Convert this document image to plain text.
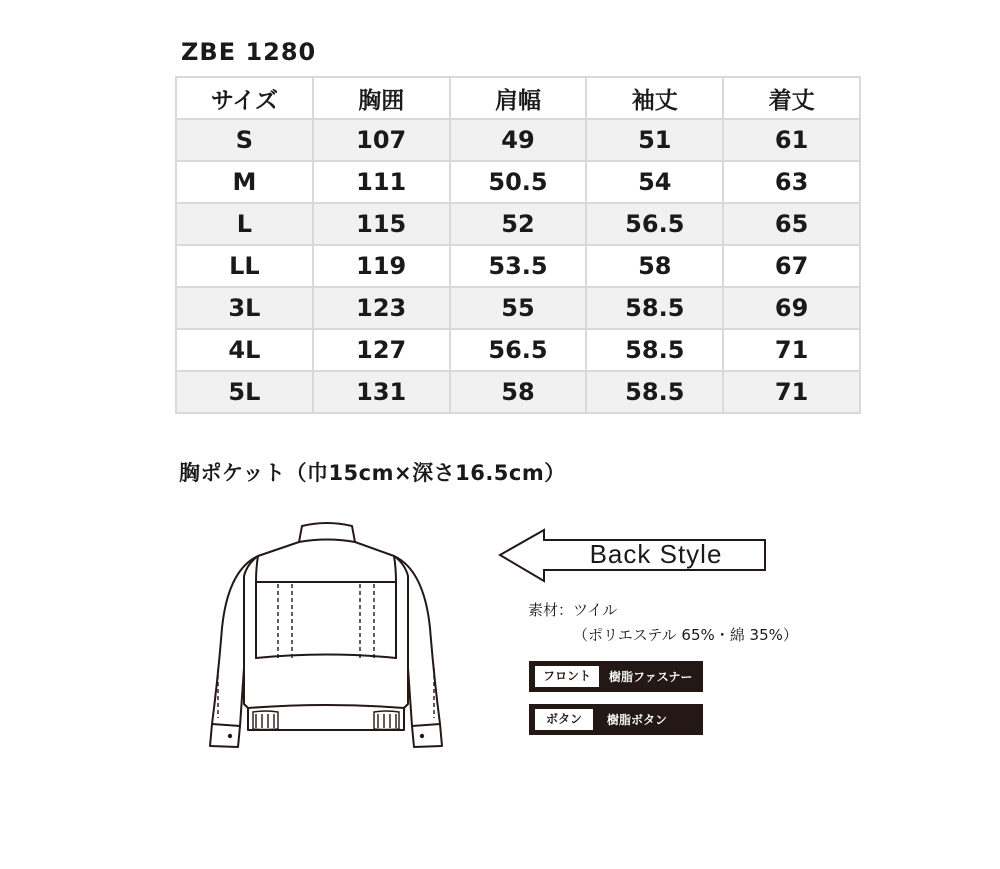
ZBE 1280
サイズ	胸囲	肩幅	袖丈	着丈
S	107	49	51	61
M	111	50.5	54	63
L	115	52	56.5	65
LL	119	53.5	58	67
3L	123	55	58.5	69
4L	127	56.5	58.5	71
5L	131	58	58.5	71
胸ポケット（巾15cm×深さ16.5cm）
Back Style
素材：ツイル
（ポリエステル 65%・綿 35%）
フロント	樹脂ファスナー
ボタン	樹脂ボタン
